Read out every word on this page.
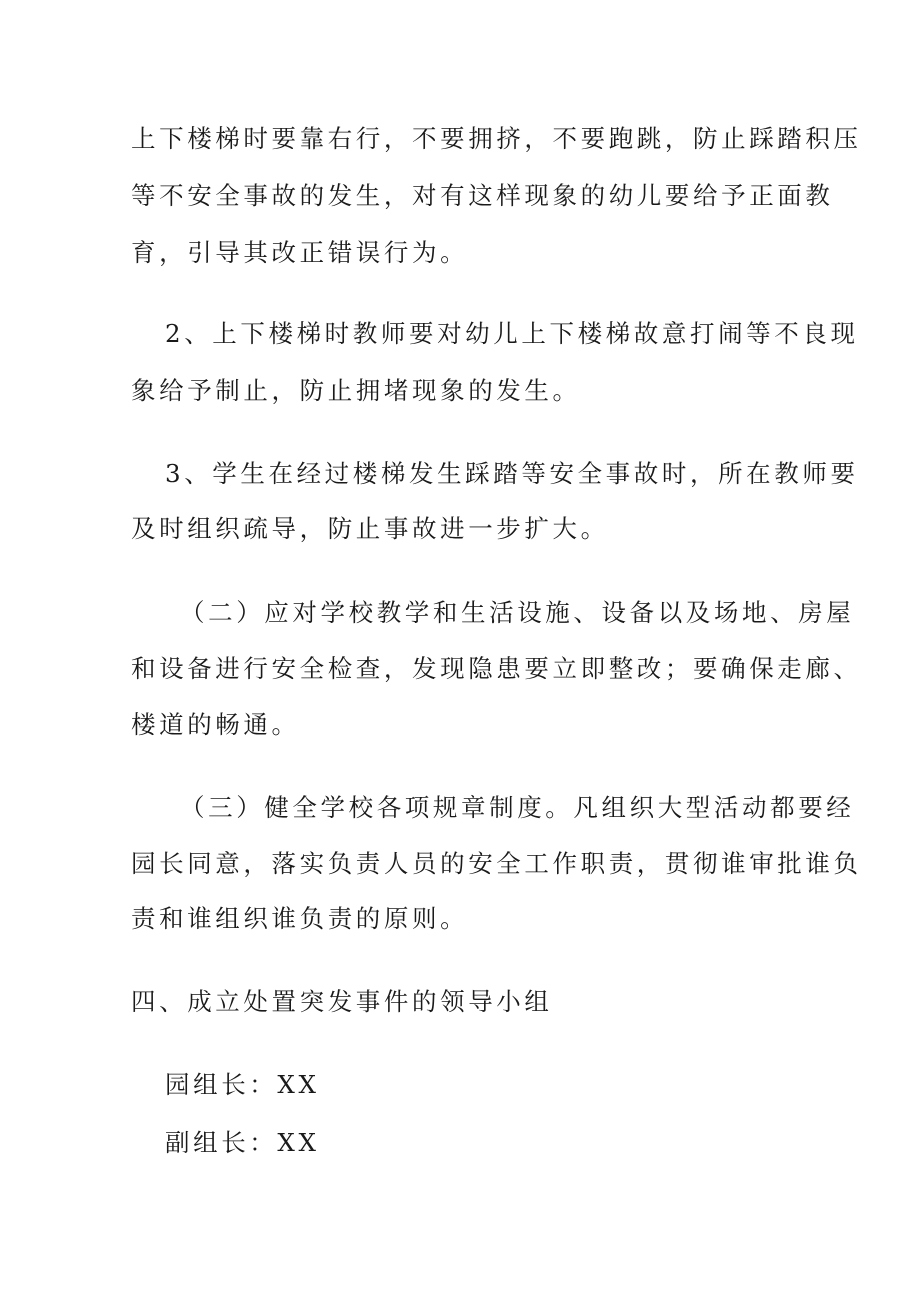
上下楼梯时要靠右行，不要拥挤，不要跑跳，防止踩踏积压
等不安全事故的发生，对有这样现象的幼儿要给予正面教
育，引导其改正错误行为。
2、上下楼梯时教师要对幼儿上下楼梯故意打闹等不良现
象给予制止，防止拥堵现象的发生。
3、学生在经过楼梯发生踩踏等安全事故时，所在教师要
及时组织疏导，防止事故进一步扩大。
（二）应对学校教学和生活设施、设备以及场地、房屋
和设备进行安全检查，发现隐患要立即整改；要确保走廊、
楼道的畅通。
（三）健全学校各项规章制度。凡组织大型活动都要经
园长同意，落实负责人员的安全工作职责，贯彻谁审批谁负
责和谁组织谁负责的原则。
四、成立处置突发事件的领导小组
园组长：XX
副组长：XX
